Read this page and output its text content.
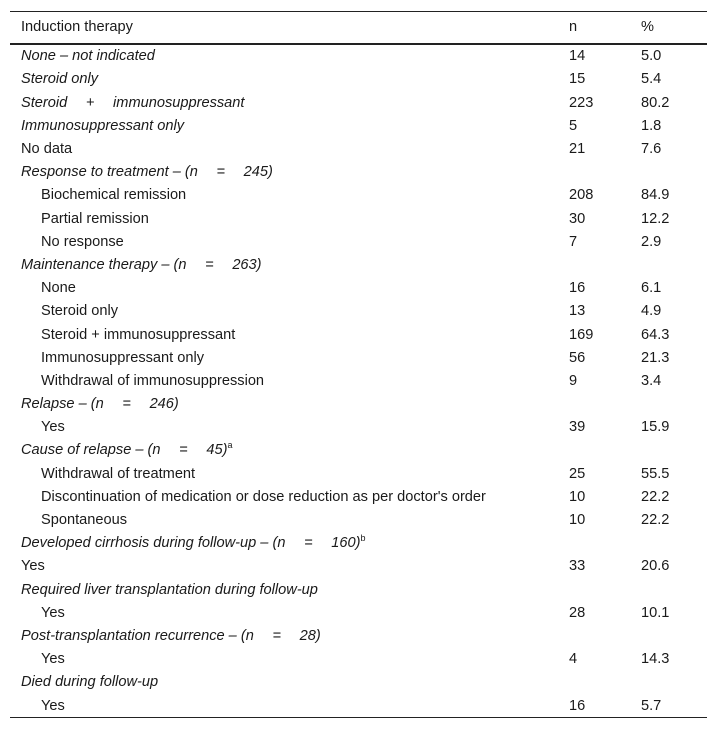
Induction therapy	n	%
None – not indicated	14	5.0
Steroid only	15	5.4
Steroid  +  immunosuppressant	223	80.2
Immunosuppressant only	5	1.8
No data	21	7.6
Response to treatment – (n  =  245)
Biochemical remission	208	84.9
Partial remission	30	12.2
No response	7	2.9
Maintenance therapy – (n  =  263)
None	16	6.1
Steroid only	13	4.9
Steroid + immunosuppressant	169	64.3
Immunosuppressant only	56	21.3
Withdrawal of immunosuppression	9	3.4
Relapse – (n  =  246)
Yes	39	15.9
Cause of relapse – (n  =  45)$^a$
Withdrawal of treatment	25	55.5
Discontinuation of medication or dose reduction as per doctor's order	10	22.2
Spontaneous	10	22.2
Developed cirrhosis during follow-up – (n  =  160)$^b$
Yes	33	20.6
Required liver transplantation during follow-up
Yes	28	10.1
Post-transplantation recurrence – (n  =  28)
Yes	4	14.3
Died during follow-up
Yes	16	5.7
